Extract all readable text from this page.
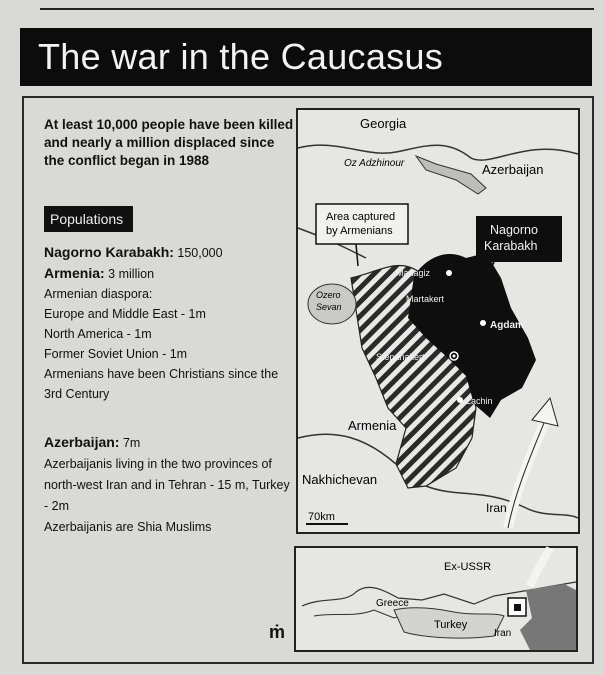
The war in the Caucasus

At least 10,000 people have been killed and nearly a million displaced since the conflict began in 1988

Populations
Nagorno Karabakh: 150,000
Armenia: 3 million
Armenian diaspora:
Europe and Middle East - 1m
North America - 1m
Former Soviet Union - 1m
Armenians have been Christians since the 3rd Century
Azerbaijan: 7m
Azerbaijanis living in the two provinces of north-west Iran and in Tehran - 15 m, Turkey - 2m
Azerbaijanis are Shia Muslims
ṁ
Georgia
Oz Adzhinour	Azerbaijan
Area captured
by Armenians	Nagorno
Karabakh
Madagiz
Ozero
Sevan
Martakert
Agdam
Stepanakert
Lachin
Armenia
Nakhichevan
Iran
70km
Ex-USSR
Greece
Turkey
Iran
